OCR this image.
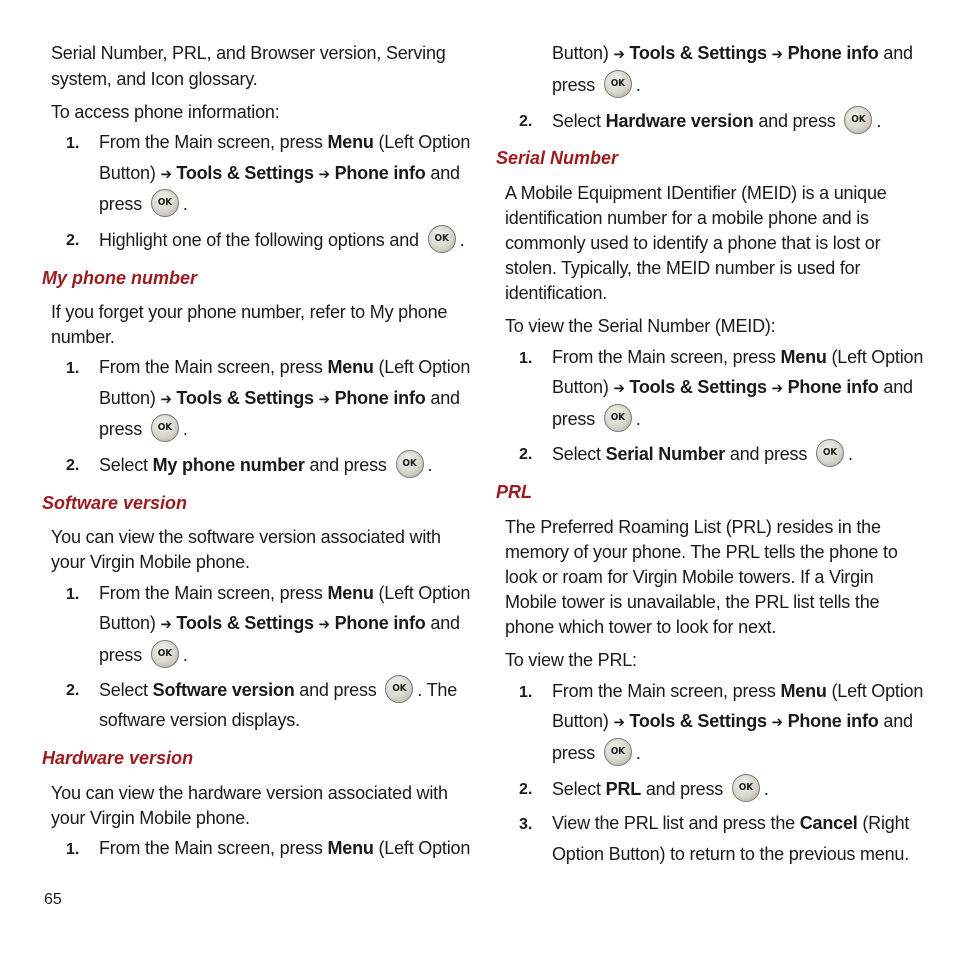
Serial Number, PRL, and Browser version, Serving
system, and Icon glossary.
To access phone information:
1. From the Main screen, press Menu (Left Option
Button) ➔ Tools & Settings ➔ Phone info and
press OK .
2. Highlight one of the following options and OK .
My phone number
If you forget your phone number, refer to My phone
number.
1. From the Main screen, press Menu (Left Option
Button) ➔ Tools & Settings ➔ Phone info and
press OK .
2. Select My phone number and press OK .
Software version
You can view the software version associated with
your Virgin Mobile phone.
1. From the Main screen, press Menu (Left Option
Button) ➔ Tools & Settings ➔ Phone info and
press OK .
2. Select Software version and press OK . The
software version displays.
Hardware version
You can view the hardware version associated with
your Virgin Mobile phone.
1. From the Main screen, press Menu (Left Option
Button) ➔ Tools & Settings ➔ Phone info and
press OK .
2. Select Hardware version and press OK .
Serial Number
A Mobile Equipment IDentifier (MEID) is a unique
identification number for a mobile phone and is
commonly used to identify a phone that is lost or
stolen. Typically, the MEID number is used for
identification.
To view the Serial Number (MEID):
1. From the Main screen, press Menu (Left Option
Button) ➔ Tools & Settings ➔ Phone info and
press OK .
2. Select Serial Number and press OK .
PRL
The Preferred Roaming List (PRL) resides in the
memory of your phone. The PRL tells the phone to
look or roam for Virgin Mobile towers. If a Virgin
Mobile tower is unavailable, the PRL list tells the
phone which tower to look for next.
To view the PRL:
1. From the Main screen, press Menu (Left Option
Button) ➔ Tools & Settings ➔ Phone info and
press OK .
2. Select PRL and press OK .
3. View the PRL list and press the Cancel (Right
Option Button) to return to the previous menu.
65
